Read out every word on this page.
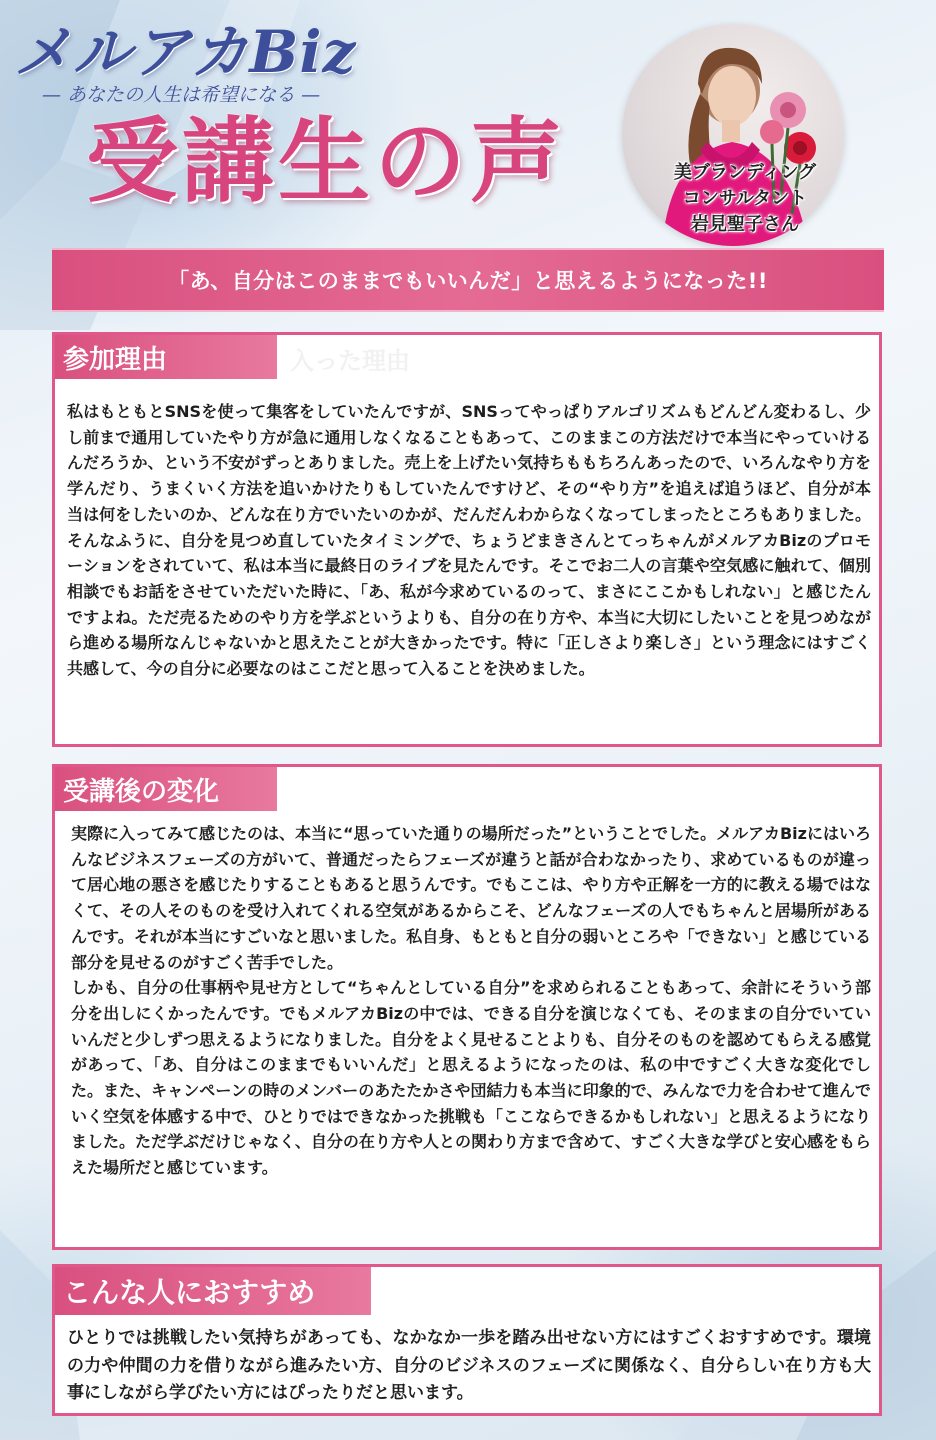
メルアカBiz
— あなたの人生は希望になる —
受講生の声	美ブランディング
コンサルタント
岩見聖子さん
「あ、自分はこのままでもいいんだ」と思えるようになった!!
参加理由	入った理由

私はもともとSNSを使って集客をしていたんですが、SNSってやっぱりアルゴリズムもどんどん変わるし、少し前まで通用していたやり方が急に通用しなくなることもあって、このままこの方法だけで本当にやっていけるんだろうか、という不安がずっとありました。売上を上げたい気持ちももちろんあったので、いろんなやり方を学んだり、うまくいく方法を追いかけたりもしていたんですけど、その“やり方”を追えば追うほど、自分が本当は何をしたいのか、どんな在り方でいたいのかが、だんだんわからなくなってしまったところもありました。そんなふうに、自分を見つめ直していたタイミングで、ちょうどまきさんとてっちゃんがメルアカBizのプロモーションをされていて、私は本当に最終日のライブを見たんです。そこでお二人の言葉や空気感に触れて、個別相談でもお話をさせていただいた時に、「あ、私が今求めているのって、まさにここかもしれない」と感じたんですよね。ただ売るためのやり方を学ぶというよりも、自分の在り方や、本当に大切にしたいことを見つめながら進める場所なんじゃないかと思えたことが大きかったです。特に「正しさより楽しさ」という理念にはすごく共感して、今の自分に必要なのはここだと思って入ることを決めました。

受講後の変化

実際に入ってみて感じたのは、本当に“思っていた通りの場所だった”ということでした。メルアカBizにはいろんなビジネスフェーズの方がいて、普通だったらフェーズが違うと話が合わなかったり、求めているものが違って居心地の悪さを感じたりすることもあると思うんです。でもここは、やり方や正解を一方的に教える場ではなくて、その人そのものを受け入れてくれる空気があるからこそ、どんなフェーズの人でもちゃんと居場所があるんです。それが本当にすごいなと思いました。私自身、もともと自分の弱いところや「できない」と感じている部分を見せるのがすごく苦手でした。

しかも、自分の仕事柄や見せ方として“ちゃんとしている自分”を求められることもあって、余計にそういう部分を出しにくかったんです。でもメルアカBizの中では、できる自分を演じなくても、そのままの自分でいていいんだと少しずつ思えるようになりました。自分をよく見せることよりも、自分そのものを認めてもらえる感覚があって、「あ、自分はこのままでもいいんだ」と思えるようになったのは、私の中ですごく大きな変化でした。また、キャンペーンの時のメンバーのあたたかさや団結力も本当に印象的で、みんなで力を合わせて進んでいく空気を体感する中で、ひとりではできなかった挑戦も「ここならできるかもしれない」と思えるようになりました。ただ学ぶだけじゃなく、自分の在り方や人との関わり方まで含めて、すごく大きな学びと安心感をもらえた場所だと感じています。

こんな人におすすめ

ひとりでは挑戦したい気持ちがあっても、なかなか一歩を踏み出せない方にはすごくおすすめです。環境の力や仲間の力を借りながら進みたい方、自分のビジネスのフェーズに関係なく、自分らしい在り方も大事にしながら学びたい方にはぴったりだと思います。
